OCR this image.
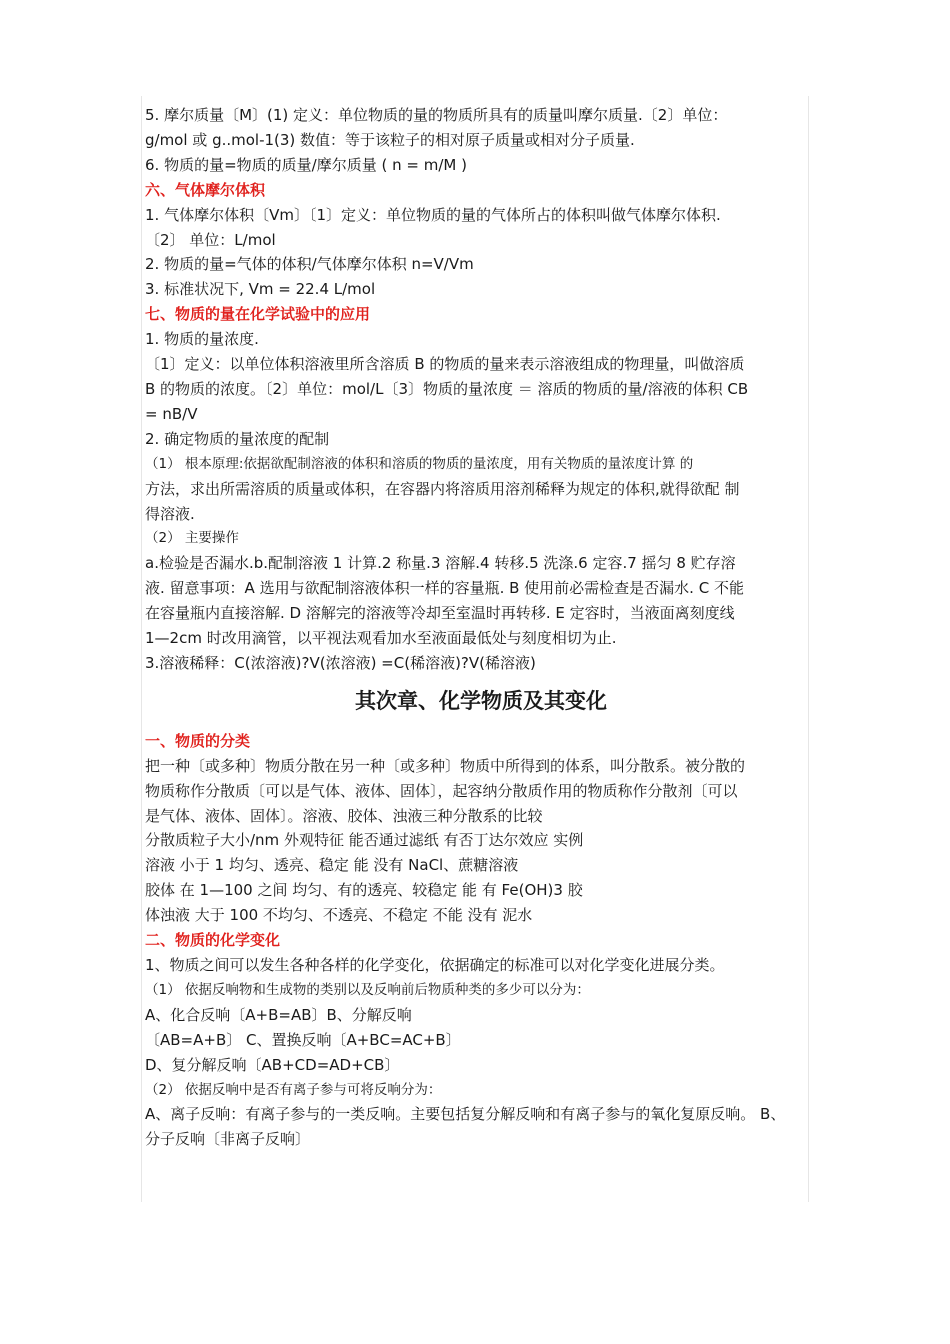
5. 摩尔质量〔M〕(1) 定义：单位物质的量的物质所具有的质量叫摩尔质量.〔2〕单位：
g/mol 或 g..mol-1(3) 数值：等于该粒子的相对原子质量或相对分子质量.
6. 物质的量=物质的质量/摩尔质量 ( n = m/M )
六、气体摩尔体积
1. 气体摩尔体积〔Vm〕〔1〕定义：单位物质的量的气体所占的体积叫做气体摩尔体积.
〔2〕 单位：L/mol
2. 物质的量=气体的体积/气体摩尔体积 n=V/Vm
3. 标准状况下, Vm = 22.4 L/mol
七、物质的量在化学试验中的应用
1. 物质的量浓度.
〔1〕定义：以单位体积溶液里所含溶质 B 的物质的量来表示溶液组成的物理量，叫做溶质
B 的物质的浓度。〔2〕单位：mol/L〔3〕物质的量浓度 ＝ 溶质的物质的量/溶液的体积 CB
= nB/V
2. 确定物质的量浓度的配制
（1） 根本原理:依据欲配制溶液的体积和溶质的物质的量浓度，用有关物质的量浓度计算 的
方法，求出所需溶质的质量或体积，在容器内将溶质用溶剂稀释为规定的体积,就得欲配 制
得溶液.
（2） 主要操作
a.检验是否漏水.b.配制溶液 1 计算.2 称量.3 溶解.4 转移.5 洗涤.6 定容.7 摇匀 8 贮存溶
液. 留意事项：A 选用与欲配制溶液体积一样的容量瓶. B 使用前必需检查是否漏水. C 不能
在容量瓶内直接溶解. D 溶解完的溶液等冷却至室温时再转移. E 定容时，当液面离刻度线
1—2cm 时改用滴管，以平视法观看加水至液面最低处与刻度相切为止.
3.溶液稀释：C(浓溶液)?V(浓溶液) =C(稀溶液)?V(稀溶液)
其次章、化学物质及其变化
一、物质的分类
把一种〔或多种〕物质分散在另一种〔或多种〕物质中所得到的体系，叫分散系。被分散的
物质称作分散质〔可以是气体、液体、固体〕，起容纳分散质作用的物质称作分散剂〔可以
是气体、液体、固体〕。溶液、胶体、浊液三种分散系的比较
分散质粒子大小/nm 外观特征 能否通过滤纸 有否丁达尔效应 实例
溶液 小于 1 均匀、透亮、稳定 能 没有 NaCl、蔗糖溶液
胶体 在 1—100 之间 均匀、有的透亮、较稳定 能 有 Fe(OH)3 胶
体浊液 大于 100 不均匀、不透亮、不稳定 不能 没有 泥水
二、物质的化学变化
1、物质之间可以发生各种各样的化学变化，依据确定的标准可以对化学变化进展分类。
（1） 依据反响物和生成物的类别以及反响前后物质种类的多少可以分为：
A、化合反响〔A+B=AB〕B、分解反响
〔AB=A+B〕 C、置换反响〔A+BC=AC+B〕
D、复分解反响〔AB+CD=AD+CB〕
（2） 依据反响中是否有离子参与可将反响分为：
A、离子反响：有离子参与的一类反响。主要包括复分解反响和有离子参与的氧化复原反响。 B、
分子反响〔非离子反响〕
